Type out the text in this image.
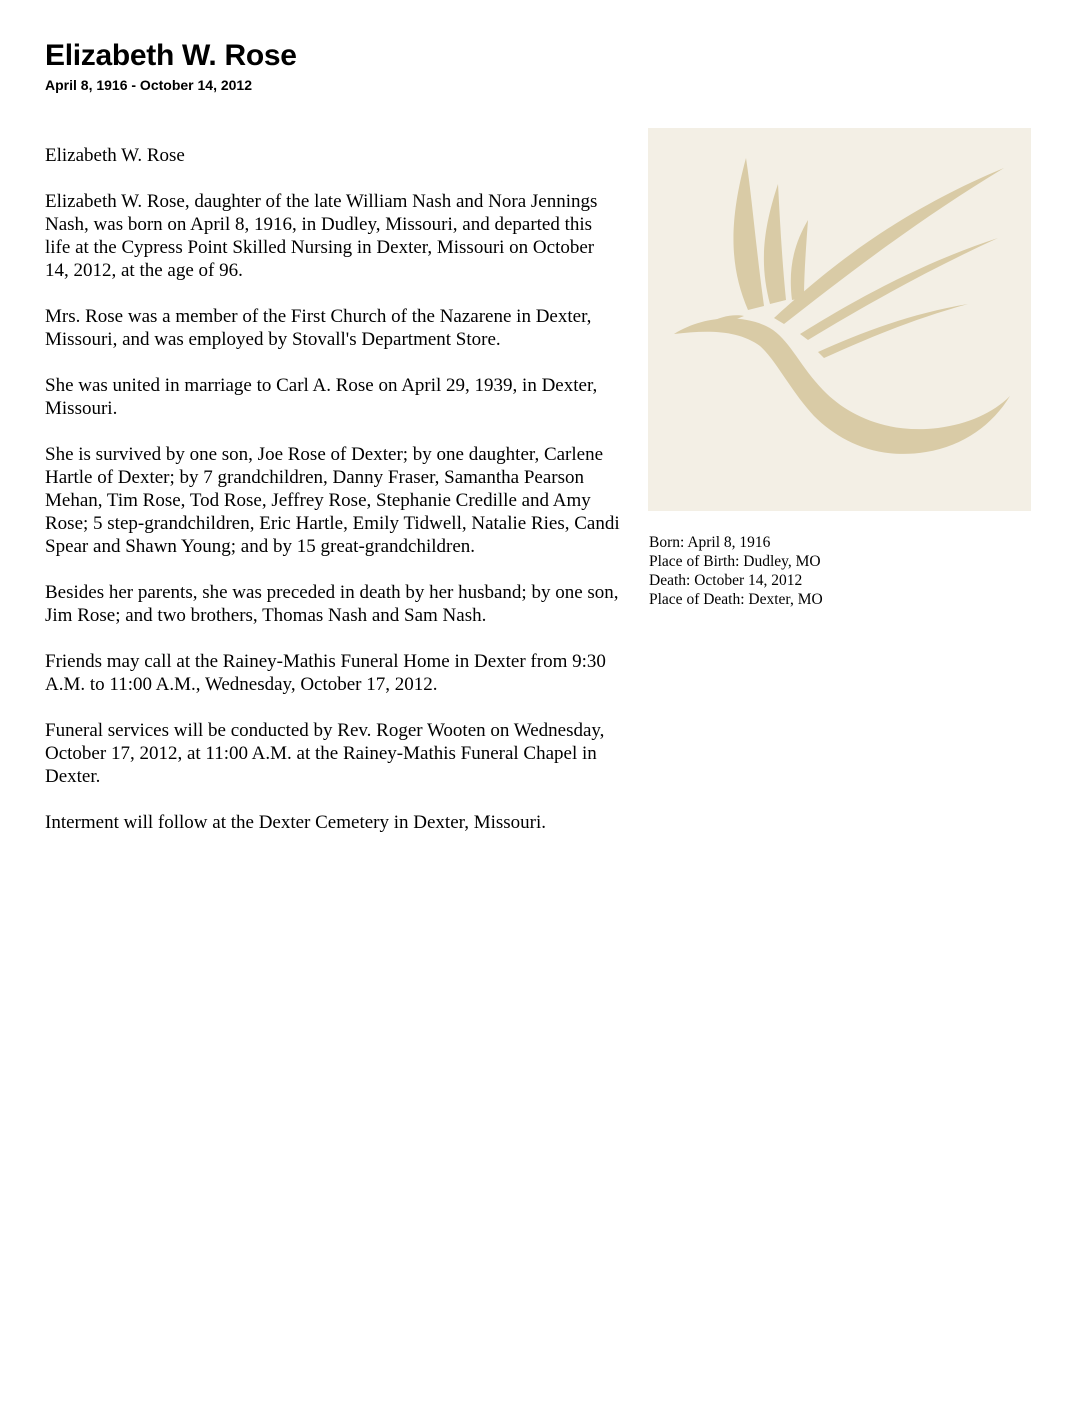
Elizabeth W. Rose
April 8, 1916 - October 14, 2012

Elizabeth W. Rose

Elizabeth W. Rose, daughter of the late William Nash and Nora Jennings Nash, was born on April 8, 1916, in Dudley, Missouri, and departed this life at the Cypress Point Skilled Nursing in Dexter, Missouri on October 14, 2012, at the age of 96.

Mrs. Rose was a member of the First Church of the Nazarene in Dexter, Missouri, and was employed by Stovall's Department Store.

She was united in marriage to Carl A. Rose on April 29, 1939, in Dexter, Missouri.

She is survived by one son, Joe Rose of Dexter; by one daughter, Carlene Hartle of Dexter; by 7 grandchildren, Danny Fraser, Samantha Pearson Mehan, Tim Rose, Tod Rose, Jeffrey Rose, Stephanie Credille and Amy Rose; 5 step-grandchildren, Eric Hartle, Emily Tidwell, Natalie Ries, Candi Spear and Shawn Young; and by 15 great-grandchildren.

Besides her parents, she was preceded in death by her husband; by one son, Jim Rose; and two brothers, Thomas Nash and Sam Nash.

Friends may call at the Rainey-Mathis Funeral Home in Dexter from 9:30 A.M. to 11:00 A.M., Wednesday, October 17, 2012.

Funeral services will be conducted by Rev. Roger Wooten on Wednesday, October 17, 2012, at 11:00 A.M. at the Rainey-Mathis Funeral Chapel in Dexter.

Interment will follow at the Dexter Cemetery in Dexter, Missouri.

Born: April 8, 1916
Place of Birth: Dudley, MO
Death: October 14, 2012
Place of Death: Dexter, MO
